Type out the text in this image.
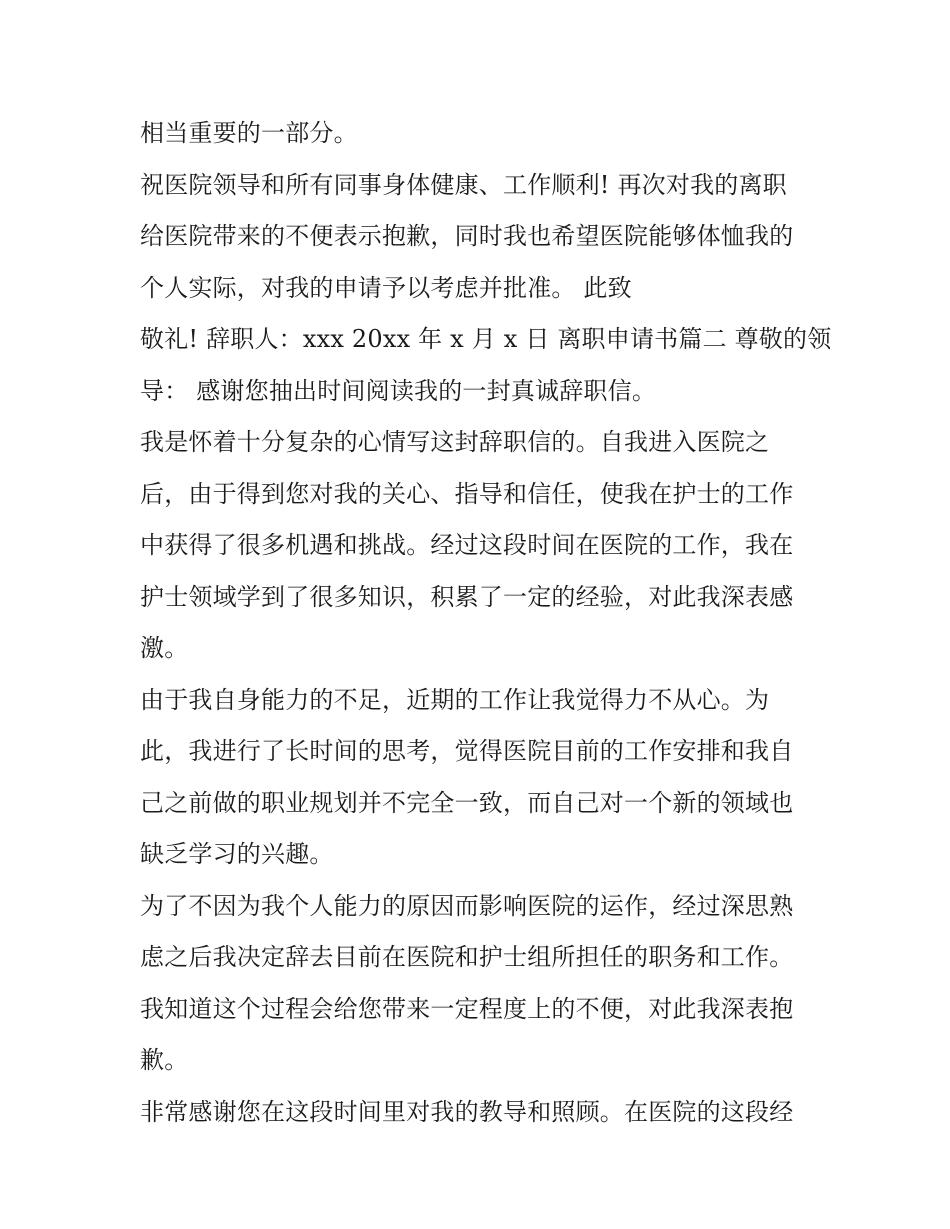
相当重要的一部分。
祝医院领导和所有同事身体健康、工作顺利! 再次对我的离职
给医院带来的不便表示抱歉，同时我也希望医院能够体恤我的
个人实际，对我的申请予以考虑并批准。 此致
敬礼! 辞职人：xxx 20xx 年 x 月 x 日 离职申请书篇二 尊敬的领
导： 感谢您抽出时间阅读我的一封真诚辞职信。
我是怀着十分复杂的心情写这封辞职信的。自我进入医院之
后，由于得到您对我的关心、指导和信任，使我在护士的工作
中获得了很多机遇和挑战。经过这段时间在医院的工作，我在
护士领域学到了很多知识，积累了一定的经验，对此我深表感
激。
由于我自身能力的不足，近期的工作让我觉得力不从心。为
此，我进行了长时间的思考，觉得医院目前的工作安排和我自
己之前做的职业规划并不完全一致，而自己对一个新的领域也
缺乏学习的兴趣。
为了不因为我个人能力的原因而影响医院的运作，经过深思熟
虑之后我决定辞去目前在医院和护士组所担任的职务和工作。
我知道这个过程会给您带来一定程度上的不便，对此我深表抱
歉。
非常感谢您在这段时间里对我的教导和照顾。在医院的这段经
